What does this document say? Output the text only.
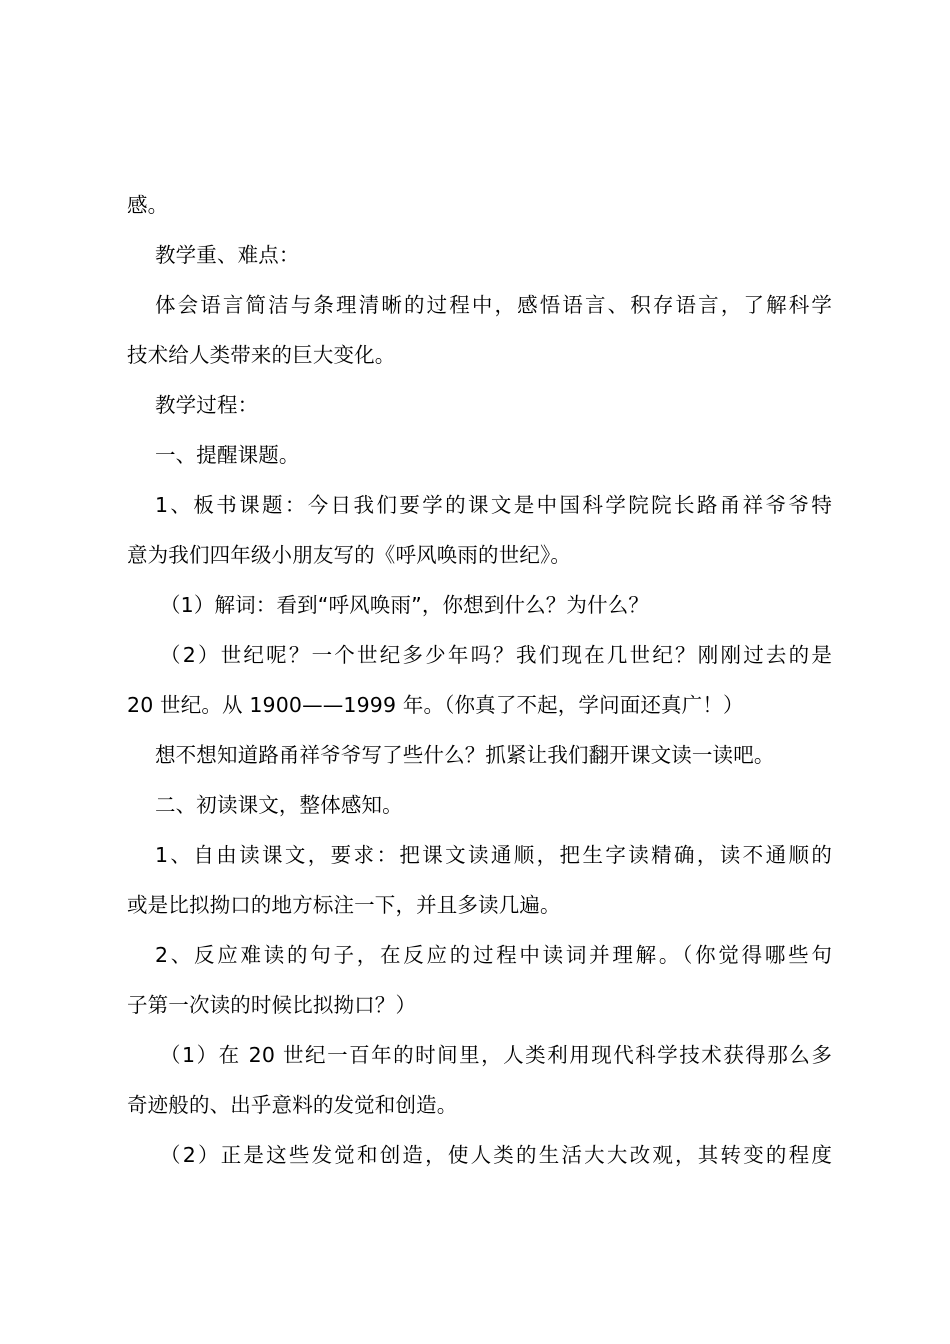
感。
教学重、难点：
体会语言简洁与条理清晰的过程中，感悟语言、积存语言，了解科学
技术给人类带来的巨大变化。
教学过程：
一、提醒课题。
1、板书课题：今日我们要学的课文是中国科学院院长路甬祥爷爷特
意为我们四年级小朋友写的《呼风唤雨的世纪》。
（1）解词：看到“呼风唤雨”，你想到什么？为什么？
（2）世纪呢？一个世纪多少年吗？我们现在几世纪？刚刚过去的是
20 世纪。从 1900——1999 年。（你真了不起，学问面还真广！）
想不想知道路甬祥爷爷写了些什么？抓紧让我们翻开课文读一读吧。
二、初读课文，整体感知。
1、自由读课文，要求：把课文读通顺，把生字读精确，读不通顺的
或是比拟拗口的地方标注一下，并且多读几遍。
2、反应难读的句子，在反应的过程中读词并理解。（你觉得哪些句
子第一次读的时候比拟拗口？）
（1）在 20 世纪一百年的时间里，人类利用现代科学技术获得那么多
奇迹般的、出乎意料的发觉和创造。
（2）正是这些发觉和创造，使人类的生活大大改观，其转变的程度
